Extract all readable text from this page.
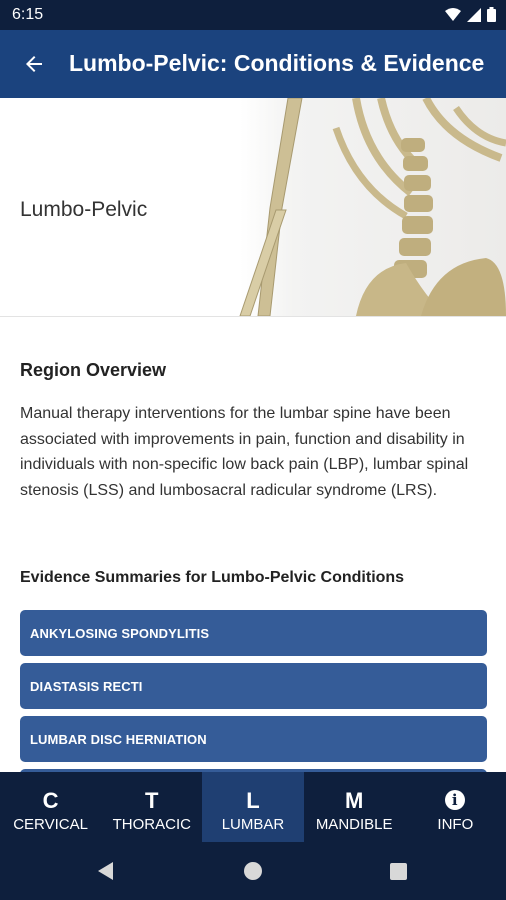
6:15
Lumbo-Pelvic: Conditions & Evidence
Lumbo-Pelvic
Region Overview

Manual therapy interventions for the lumbar spine have been associated with improvements in pain, function and disability in individuals with non-specific low back pain (LBP), lumbar spinal stenosis (LSS) and lumbosacral radicular syndrome (LRS).

Evidence Summaries for Lumbo-Pelvic Conditions
ANKYLOSING SPONDYLITIS
DIASTASIS RECTI
LUMBAR DISC HERNIATION
C
CERVICAL
T
THORACIC
L
LUMBAR
M
MANDIBLE
i
INFO
